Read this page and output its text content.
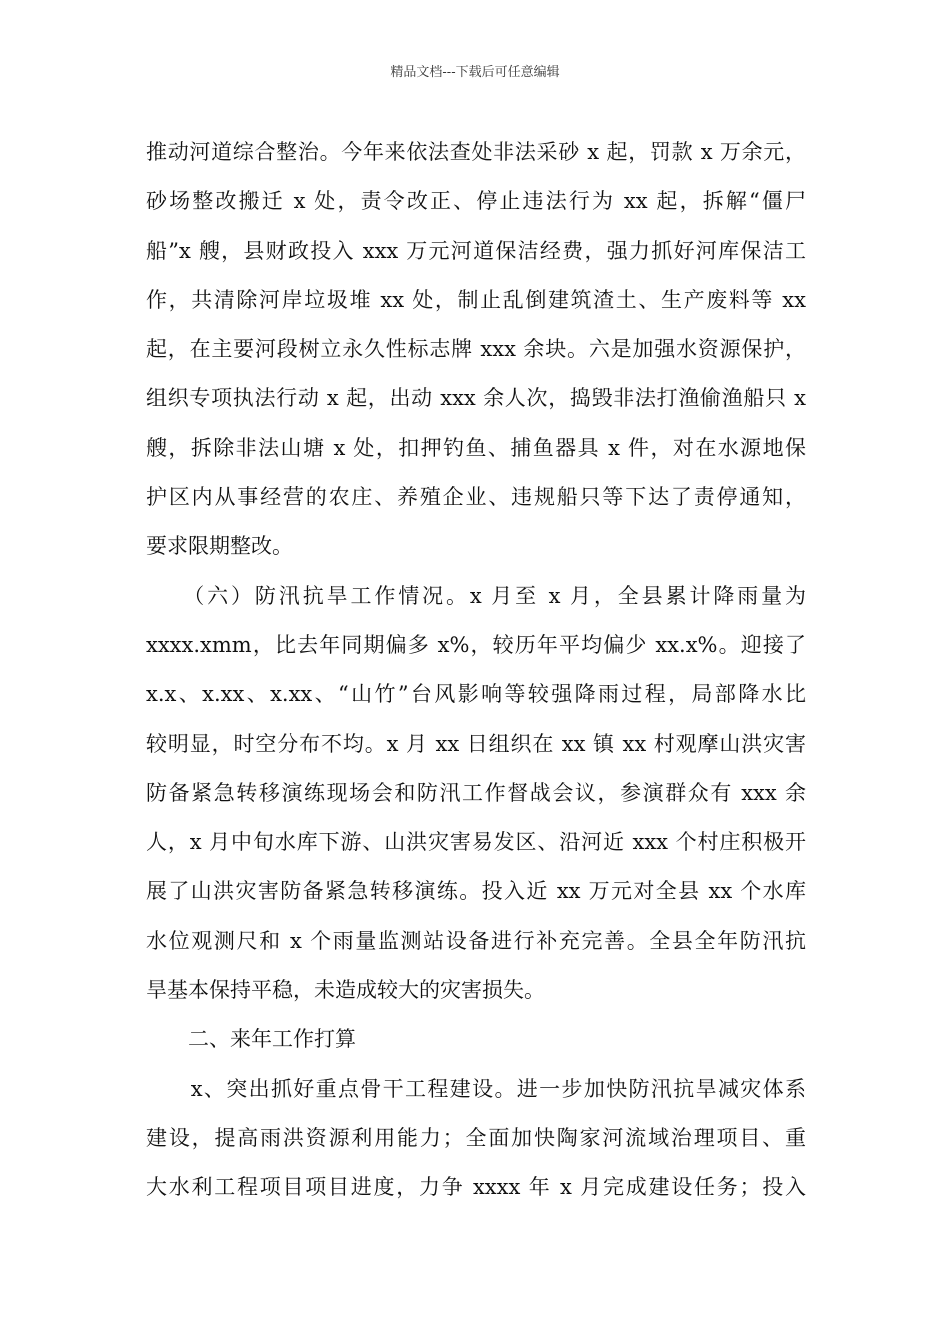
精品文档---下载后可任意编辑
推动河道综合整治。今年来依法查处非法采砂 x 起，罚款 x 万余元，
砂场整改搬迁 x 处，责令改正、停止违法行为 xx 起，拆解“僵尸
船”x 艘，县财政投入 xxx 万元河道保洁经费，强力抓好河库保洁工
作，共清除河岸垃圾堆 xx 处，制止乱倒建筑渣土、生产废料等 xx
起，在主要河段树立永久性标志牌 xxx 余块。六是加强水资源保护，
组织专项执法行动 x 起，出动 xxx 余人次，捣毁非法打渔偷渔船只 x
艘，拆除非法山塘 x 处，扣押钓鱼、捕鱼器具 x 件，对在水源地保
护区内从事经营的农庄、养殖企业、违规船只等下达了责停通知，
要求限期整改。
　　（六）防汛抗旱工作情况。x 月至 x 月，全县累计降雨量为
xxxx.xmm，比去年同期偏多 x%，较历年平均偏少 xx.x%。迎接了
x.x、x.xx、x.xx、“山竹”台风影响等较强降雨过程，局部降水比
较明显，时空分布不均。x 月 xx 日组织在 xx 镇 xx 村观摩山洪灾害
防备紧急转移演练现场会和防汛工作督战会议，参演群众有 xxx 余
人，x 月中旬水库下游、山洪灾害易发区、沿河近 xxx 个村庄积极开
展了山洪灾害防备紧急转移演练。投入近 xx 万元对全县 xx 个水库
水位观测尺和 x 个雨量监测站设备进行补充完善。全县全年防汛抗
旱基本保持平稳，未造成较大的灾害损失。
　　二、来年工作打算
　　x、突出抓好重点骨干工程建设。进一步加快防汛抗旱减灾体系
建设，提高雨洪资源利用能力；全面加快陶家河流域治理项目、重
大水利工程项目项目进度，力争 xxxx 年 x 月完成建设任务；投入
